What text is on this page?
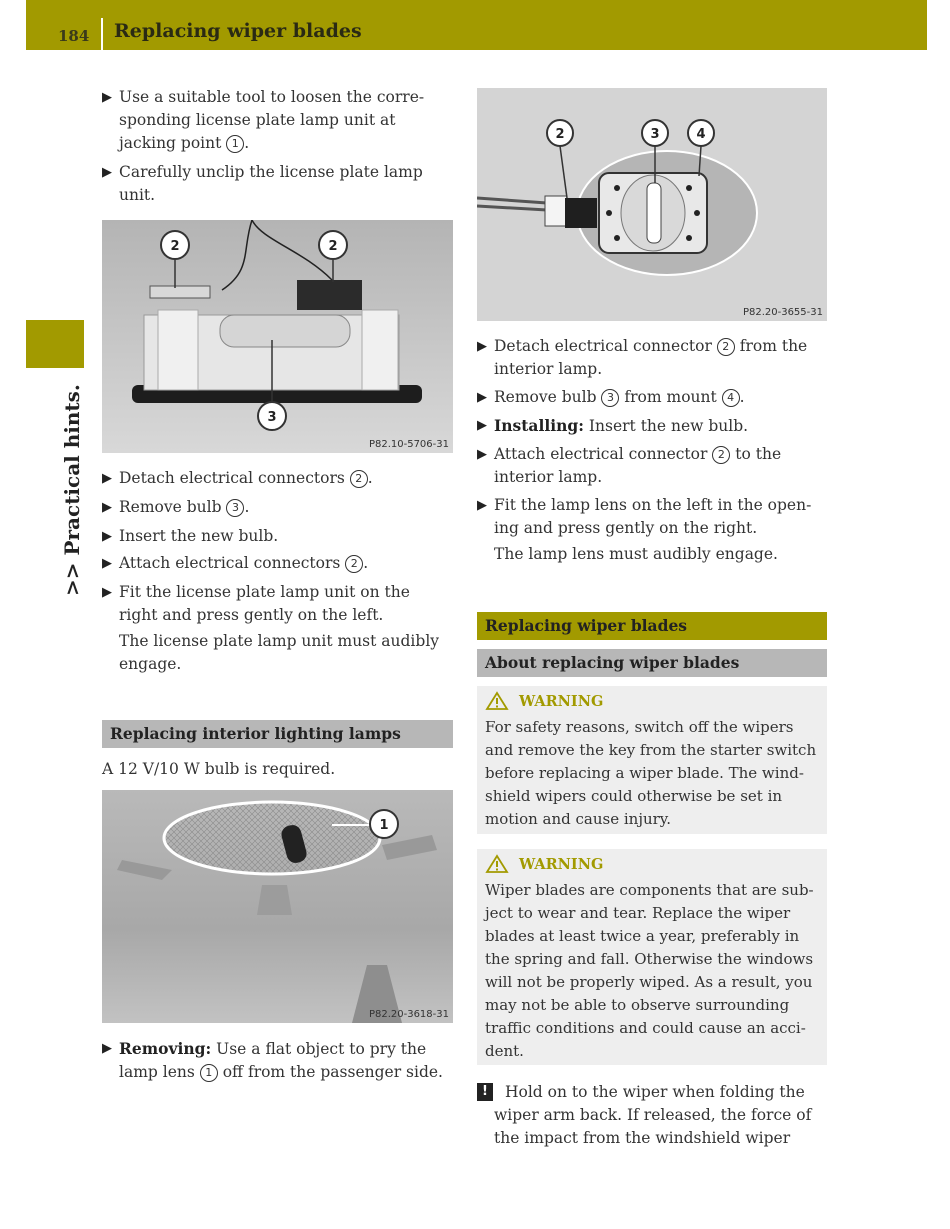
184 Replacing wiper blades
>> Practical hints.

▶ Use a suitable tool to loosen the corre-
sponding license plate lamp unit at
jacking point 1 .

▶ Carefully unclip the license plate lamp
unit.

2	2
3
P82.10-5706-31

▶ Detach electrical connectors 2 .

▶ Remove bulb 3 .

▶ Insert the new bulb.

▶ Attach electrical connectors 2 .

▶ Fit the license plate lamp unit on the
right and press gently on the left.

The license plate lamp unit must audibly
engage.

Replacing interior lighting lamps
A 12 V/10 W bulb is required.
1
P82.20-3618-31

▶ Removing: Use a flat object to pry the
lamp lens 1 off from the passenger side.

2	3	4
P82.20-3655-31

▶ Detach electrical connector 2 from the
interior lamp.

▶ Remove bulb 3 from mount 4 .

▶ Installing: Insert the new bulb.

▶ Attach electrical connector 2 to the
interior lamp.

▶ Fit the lamp lens on the left in the open-
ing and press gently on the right.

The lamp lens must audibly engage.

Replacing wiper blades
About replacing wiper blades
WARNING
For safety reasons, switch off the wipers
and remove the key from the starter switch
before replacing a wiper blade. The wind-
shield wipers could otherwise be set in
motion and cause injury.
WARNING
Wiper blades are components that are sub-
ject to wear and tear. Replace the wiper
blades at least twice a year, preferably in
the spring and fall. Otherwise the windows
will not be properly wiped. As a result, you
may not be able to observe surrounding
traffic conditions and could cause an acci-
dent.

!	Hold on to the wiper when folding the
wiper arm back. If released, the force of
the impact from the windshield wiper
